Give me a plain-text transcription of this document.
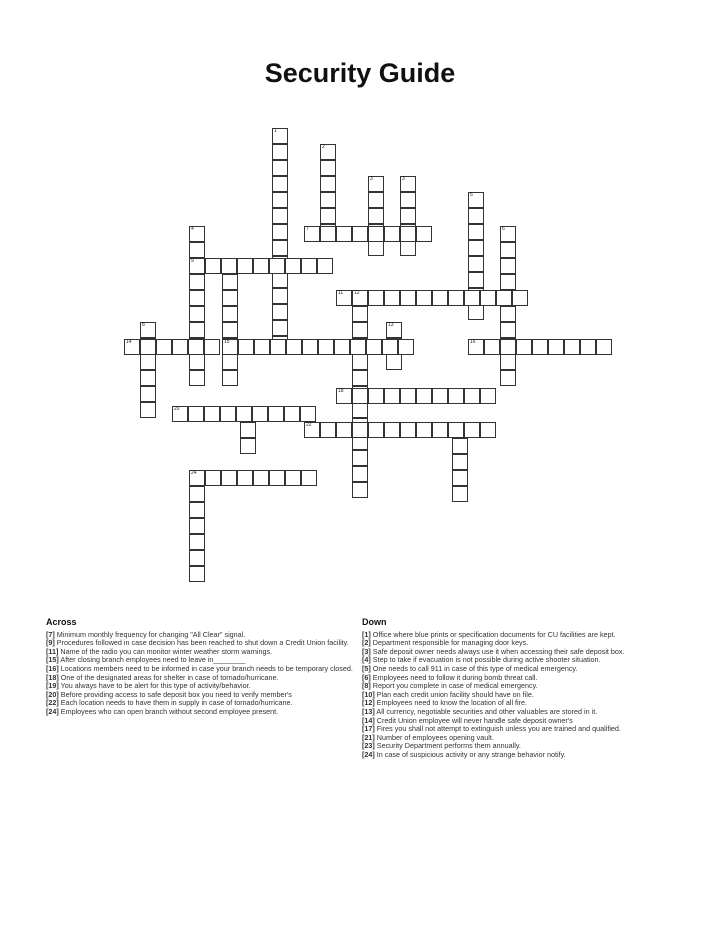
Security Guide
1
2
3	3
5
6
4
9
12
13
8
24
7
11
14	15	16
18
20
22
Across

[7] Minimum monthly frequency for changing "All Clear" signal.

[9] Procedures followed in case decision has been reached to shut down a Credit Union facility.

[11] Name of the radio you can monitor winter weather storm warnings.

[15] After closing branch employees need to leave in________

[16] Locations members need to be informed in case your branch needs to be temporary closed.

[18] One of the designated areas for shelter in case of tornado/hurricane.

[19] You always have to be alert for this type of activity/behavior.

[20] Before providing access to safe deposit box you need to verify member's

[22] Each location needs to have them in supply in case of tornado/hurricane.

[24] Employees who can open branch without second employee present.

Down

[1] Office where blue prints or specification documents for CU facilities are kept.

[2] Department responsible for managing door keys.

[3] Safe deposit owner needs always use it when accessing their safe deposit box.

[4] Step to take if evacuation is not possible during active shooter situation.

[5] One needs to call 911 in case of this type of medical emergency.

[6] Employees need to follow it during bomb threat call.

[8] Report you complete in case of medical emergency.

[10] Plan each credit union facility should have on file.

[12] Employees need to know the location of all fire.

[13] All currency, negotiable securities and other valuables are stored in it.

[14] Credit Union employee will never handle safe deposit owner's

[17] Fires you shall not attempt to extinguish unless you are trained and qualified.

[21] Number of employees opening vault.

[23] Security Department performs them annually.

[24] In case of suspicious activity or any strange behavior notify.
